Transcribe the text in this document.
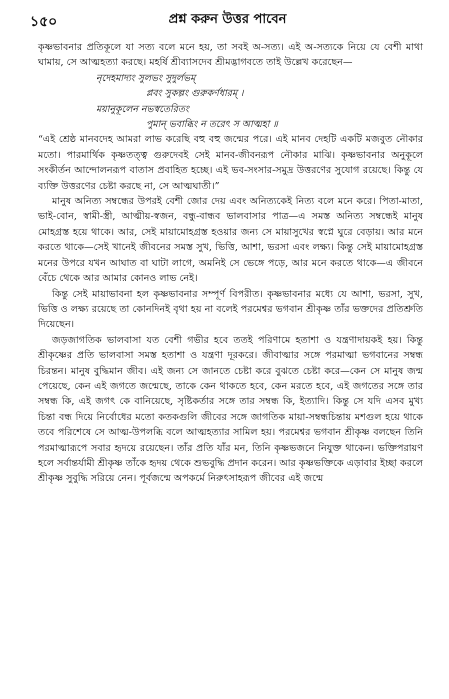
১৫০	প্রশ্ন করুন উত্তর পাবেন

কৃষ্ণভাবনার প্রতিকূলে যা সত্য বলে মনে হয়, তা সবই অ-সত্য। এই অ-সত্যকে নিয়ে যে বেশী মাথা ঘামায়, সে আত্মহত্যা করছে। মহর্ষি শ্রীব্যাসদেব শ্রীমদ্ভাগবতে তাই উল্লেখ করেছেন—

নৃদেহমাদ্যং সুলভং সুদুর্লভম্
প্লবং সুকল্পং গুরুকর্ণধারম্ ।
ময়ানুকূলেন নভস্বতেরিতং
পুমান্ ভবাব্ধিং ন তরেৎ স আত্মহা ॥

“এই শ্রেষ্ঠ মানবদেহ আমরা লাভ করেছি বহু বহু জন্মের পরে। এই মানব দেহটি একটি মজবুত নৌকার মতো। পারমার্থিক কৃষ্ণতত্ত্ব গুরুদেবই সেই মানব-জীবনরূপ নৌকার মাঝি। কৃষ্ণভাবনার অনুকূলে সংকীর্তন আন্দোলনরূপ বাতাস প্রবাহিত হচ্ছে। এই ভব-সংসার-সমুদ্র উত্তরণের সুযোগ রয়েছে। কিন্তু যে ব্যক্তি উত্তরণের চেষ্টা করছে না, সে আত্মঘাতী।”

মানুষ অনিত্য সম্বন্ধের উপরই বেশী জোর দেয় এবং অনিত্যকেই নিত্য বলে মনে করে। পিতা-মাতা, ভাই-বোন, স্বামী-স্ত্রী, আত্মীয়-স্বজন, বন্ধু-বান্ধব ভালবাসার পাত্র—এ সমস্ত অনিত্য সম্বন্ধেই মানুষ মোহগ্রস্ত হয়ে থাকে। আর, সেই মায়ামোহগ্রস্ত হওয়ার জন্য সে মায়াসুখের স্বপ্নে ঘুরে বেড়ায়। আর মনে করতে থাকে—সেই খানেই জীবনের সমস্ত সুখ, ভিত্তি, আশা, ভরসা এবং লক্ষ্য। কিন্তু সেই মায়ামোহগ্রস্ত মনের উপরে যখন আঘাত বা ঘাটা লাগে, অমনিই সে ভেঙ্গে পড়ে, আর মনে করতে থাকে—এ জীবনে বেঁচে থেকে আর আমার কোনও লাভ নেই।

কিন্তু সেই মায়াভাবনা হল কৃষ্ণভাবনার সম্পূর্ণ বিপরীত। কৃষ্ণভাবনার মধ্যে যে আশা, ভরসা, সুখ, ভিত্তি ও লক্ষ্য রয়েছে তা কোনদিনই বৃথা হয় না বলেই পরমেশ্বর ভগবান শ্রীকৃষ্ণ তাঁর ভক্তদের প্রতিশ্রুতি দিয়েছেন।

জড়জাগতিক ভালবাসা যত বেশী গভীর হবে ততই পরিণামে হতাশা ও যন্ত্রণাদায়কই হয়। কিন্তু শ্রীকৃষ্ণের প্রতি ভালবাসা সমস্ত হতাশা ও যন্ত্রণা দূরকরে। জীবাত্মার সঙ্গে পরমাত্মা ভগবানের সম্বন্ধ চিরন্তন। মানুষ বুদ্ধিমান জীব। এই জন্য সে জানতে চেষ্টা করে বুঝতে চেষ্টা করে—কেন সে মানুষ জন্ম পেয়েছে, কেন এই জগতে জন্মেছে, তাকে কেন থাকতে হবে, কেন মরতে হবে, এই জগতের সঙ্গে তার সম্বন্ধ কি, এই জগৎ কে বানিয়েছে, সৃষ্টিকর্তার সঙ্গে তার সম্বন্ধ কি, ইত্যাদি। কিন্তু সে যদি এসব মুখ্য চিন্তা বন্ধ দিয়ে নির্বোধের মতো কতকগুলি জীবের সঙ্গে জাগতিক মায়া-সম্বন্ধচিন্তায় মশগুল হয়ে থাকে তবে পরিশেষে সে আত্ম-উপলব্ধি বলে আত্মহত্যার সামিল হয়। পরমেশ্বর ভগবান শ্রীকৃষ্ণ বলছেন তিনি পরমাত্মারূপে সবার হৃদয়ে রয়েছেন। তাঁর প্রতি যাঁর মন, তিনি কৃষ্ণভজনে নিযুক্ত থাকেন। ভক্তিপরায়ণ হলে সর্বান্তর্যামী শ্রীকৃষ্ণ তাঁকে হৃদয় থেকে শুভবুদ্ধি প্রদান করেন। আর কৃষ্ণভক্তিকে এড়াবার ইচ্ছা করলে শ্রীকৃষ্ণ সুবুদ্ধি সরিয়ে নেন। পূর্বজন্মে অপকর্মে নিরুৎসাহরূপ জীবের এই জন্মে
